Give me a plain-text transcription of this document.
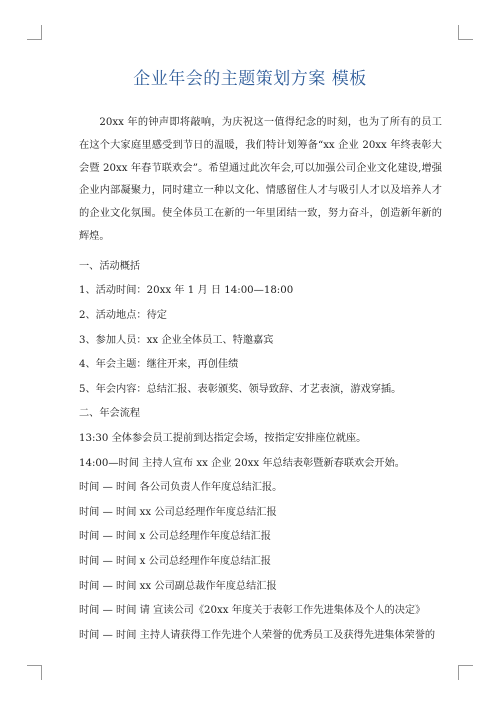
企业年会的主题策划方案 模板

20xx 年的钟声即将敲响，为庆祝这一值得纪念的时刻，也为了所有的员工在这个大家庭里感受到节日的温暖，我们特计划筹备“xx 企业 20xx 年终表彰大会暨 20xx 年春节联欢会”。希望通过此次年会,可以加强公司企业文化建设,增强企业内部凝聚力，同时建立一种以文化、情感留住人才与吸引人才以及培养人才的企业文化氛围。使全体员工在新的一年里团结一致，努力奋斗，创造新年新的辉煌。

一、活动概括

1、活动时间：20xx 年 1 月 日 14:00—18:00

2、活动地点：待定

3、参加人员：xx 企业全体员工、特邀嘉宾

4、年会主题：继往开来，再创佳绩

5、年会内容：总结汇报、表彰颁奖、领导致辞、才艺表演，游戏穿插。

二、年会流程

13:30 全体参会员工提前到达指定会场，按指定安排座位就座。

14:00—时间 主持人宣布 xx 企业 20xx 年总结表彰暨新春联欢会开始。

时间 — 时间 各公司负责人作年度总结汇报。

时间 — 时间 xx 公司总经理作年度总结汇报

时间 — 时间 x 公司总经理作年度总结汇报

时间 — 时间 x 公司总经理作年度总结汇报

时间 — 时间 xx 公司副总裁作年度总结汇报

时间 — 时间 请 宣读公司《20xx 年度关于表彰工作先进集体及个人的决定》

时间 — 时间 主持人请获得工作先进个人荣誉的优秀员工及获得先进集体荣誉的
